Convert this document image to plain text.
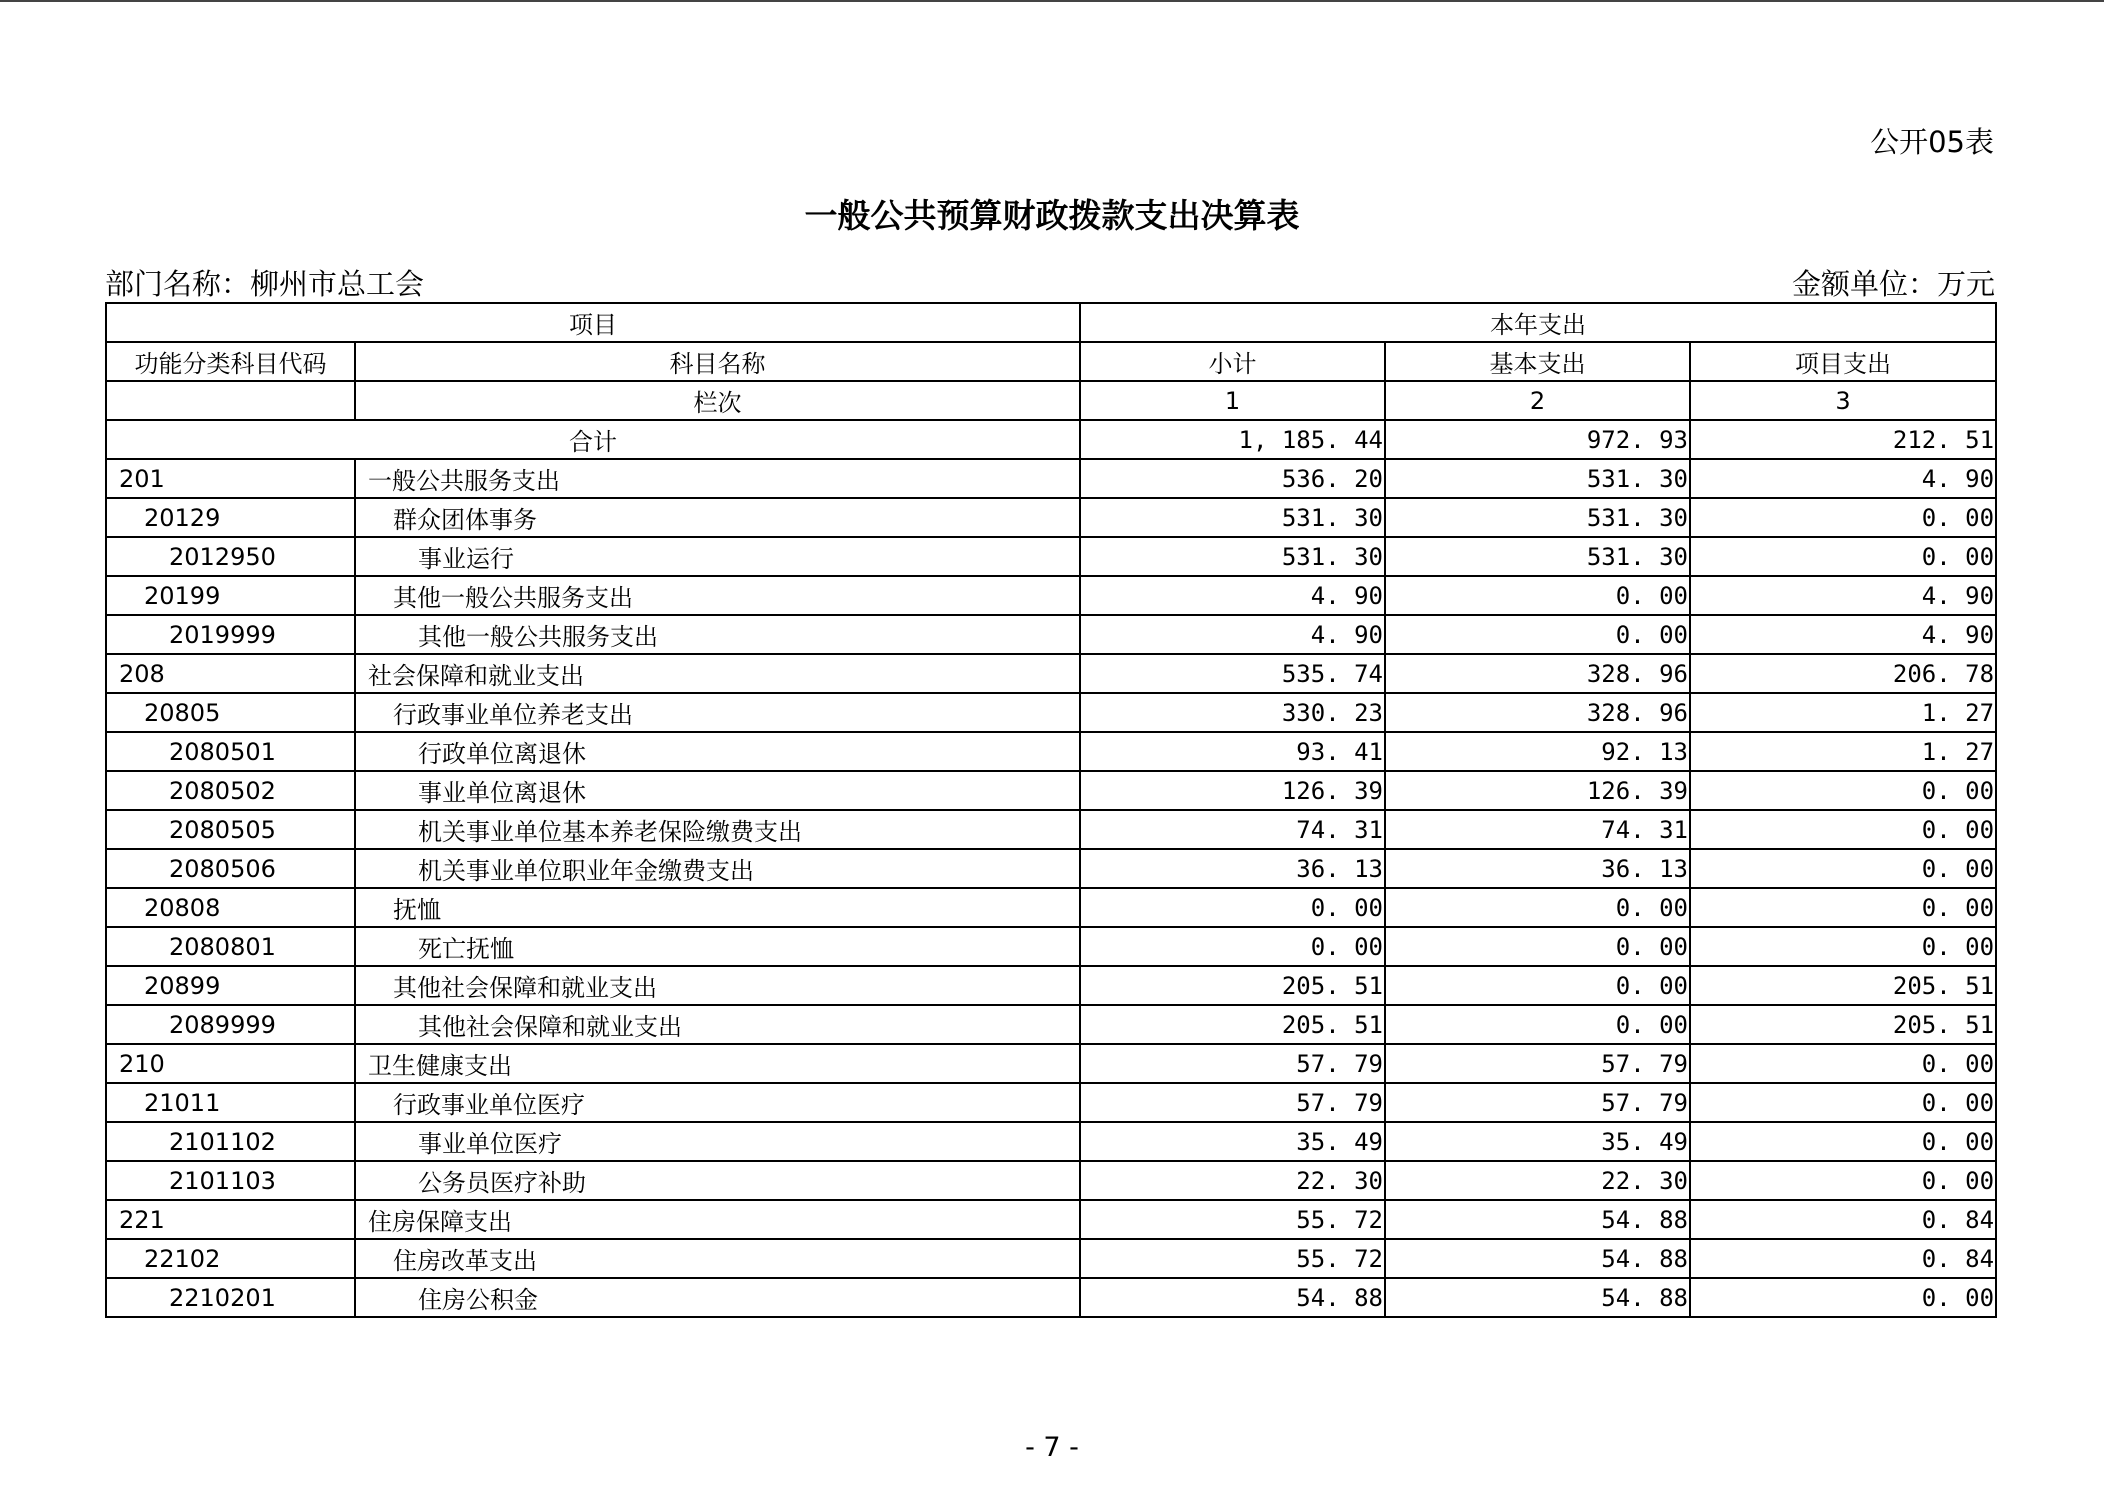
公开05表
一般公共预算财政拨款支出决算表
部门名称：柳州市总工会	金额单位：万元
项目		本年支出		
功能分类科目代码	科目名称	小计	基本支出	项目支出
	栏次	1	2	3
合计		1, 185. 44	972. 93	212. 51
201	一般公共服务支出	536. 20	531. 30	4. 90
20129	群众团体事务	531. 30	531. 30	0. 00
2012950	事业运行	531. 30	531. 30	0. 00
20199	其他一般公共服务支出	4. 90	0. 00	4. 90
2019999	其他一般公共服务支出	4. 90	0. 00	4. 90
208	社会保障和就业支出	535. 74	328. 96	206. 78
20805	行政事业单位养老支出	330. 23	328. 96	1. 27
2080501	行政单位离退休	93. 41	92. 13	1. 27
2080502	事业单位离退休	126. 39	126. 39	0. 00
2080505	机关事业单位基本养老保险缴费支出	74. 31	74. 31	0. 00
2080506	机关事业单位职业年金缴费支出	36. 13	36. 13	0. 00
20808	抚恤	0. 00	0. 00	0. 00
2080801	死亡抚恤	0. 00	0. 00	0. 00
20899	其他社会保障和就业支出	205. 51	0. 00	205. 51
2089999	其他社会保障和就业支出	205. 51	0. 00	205. 51
210	卫生健康支出	57. 79	57. 79	0. 00
21011	行政事业单位医疗	57. 79	57. 79	0. 00
2101102	事业单位医疗	35. 49	35. 49	0. 00
2101103	公务员医疗补助	22. 30	22. 30	0. 00
221	住房保障支出	55. 72	54. 88	0. 84
22102	住房改革支出	55. 72	54. 88	0. 84
2210201	住房公积金	54. 88	54. 88	0. 00
- 7 -
